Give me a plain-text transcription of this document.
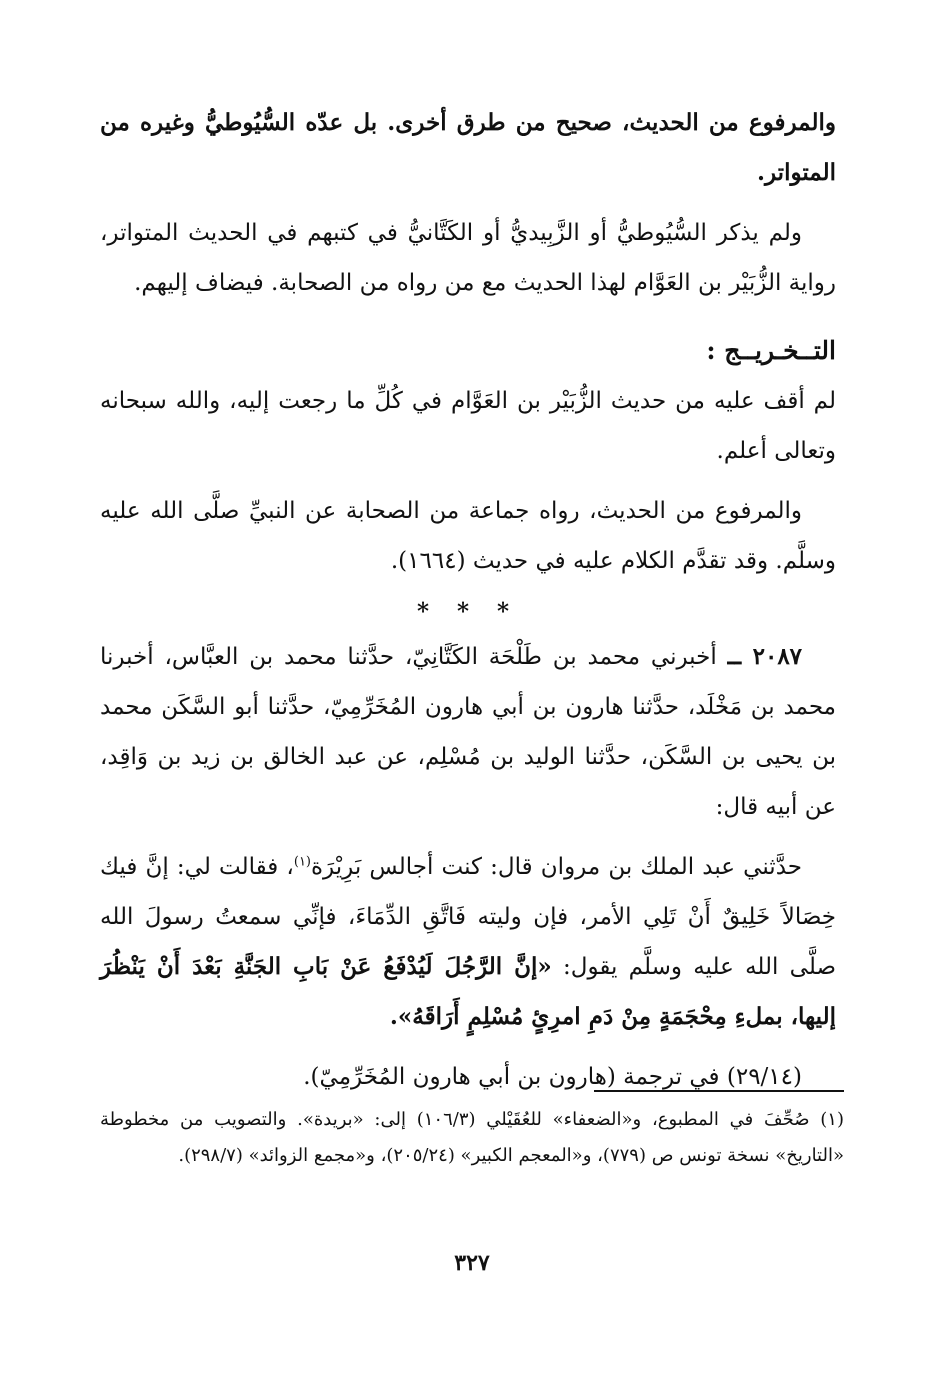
والمرفوع من الحديث، صحيح من طرق أخرى. بل عدّه السُّيُوطيُّ وغيره من المتواتر.

ولم يذكر السُّيُوطيُّ أو الزَّبِيديُّ أو الكَتَّانيُّ في كتبهم في الحديث المتواتر، رواية الزُّبَيْر بن العَوَّام لهذا الحديث مع من رواه من الصحابة. فيضاف إليهم.

التــخـريــج :

لم أقف عليه من حديث الزُّبَيْر بن العَوَّام في كُلِّ ما رجعت إليه، والله سبحانه وتعالى أعلم.

والمرفوع من الحديث، رواه جماعة من الصحابة عن النبيِّ صلَّى الله عليه وسلَّم. وقد تقدَّم الكلام عليه في حديث (١٦٦٤).

* * *

٢٠٨٧ ــ أخبرني محمد بن طَلْحَة الكَتَّانِيّ، حدَّثنا محمد بن العبَّاس، أخبرنا محمد بن مَخْلَد، حدَّثنا هارون بن أبي هارون المُخَرِّمِيّ، حدَّثنا أبو السَّكَن محمد بن يحيى بن السَّكَن، حدَّثنا الوليد بن مُسْلِم، عن عبد الخالق بن زيد بن وَاقِد، عن أبيه قال:

حدَّثني عبد الملك بن مروان قال: كنت أجالس بَرِيْرَة$^{(١)}$، فقالت لي: إنَّ فيك خِصَالاً خَلِيقٌ أَنْ تَلِي الأمر، فإن وليته فَاتَّقِ الدِّمَاءَ، فإنِّي سمعتُ رسولَ الله صلَّى الله عليه وسلَّم يقول: «إنَّ الرَّجُلَ لَيُدْفَعُ عَنْ بَابِ الجَنَّةِ بَعْدَ أَنْ يَنْظُرَ إليها، بملءِ مِحْجَمَةٍ مِنْ دَمِ امرِئٍ مُسْلِمٍ أَرَاقَهُ».

(٢٩/١٤) في ترجمة (هارون بن أبي هارون المُخَرِّمِيّ).

(١) صُحِّفَ في المطبوع، و«الضعفاء» للعُقَيْلي (١٠٦/٣) إلى: «بريدة». والتصويب من مخطوطة «التاريخ» نسخة تونس ص (٧٧٩)، و«المعجم الكبير» (٢٠٥/٢٤)، و«مجمع الزوائد» (٢٩٨/٧).
٣٢٧
